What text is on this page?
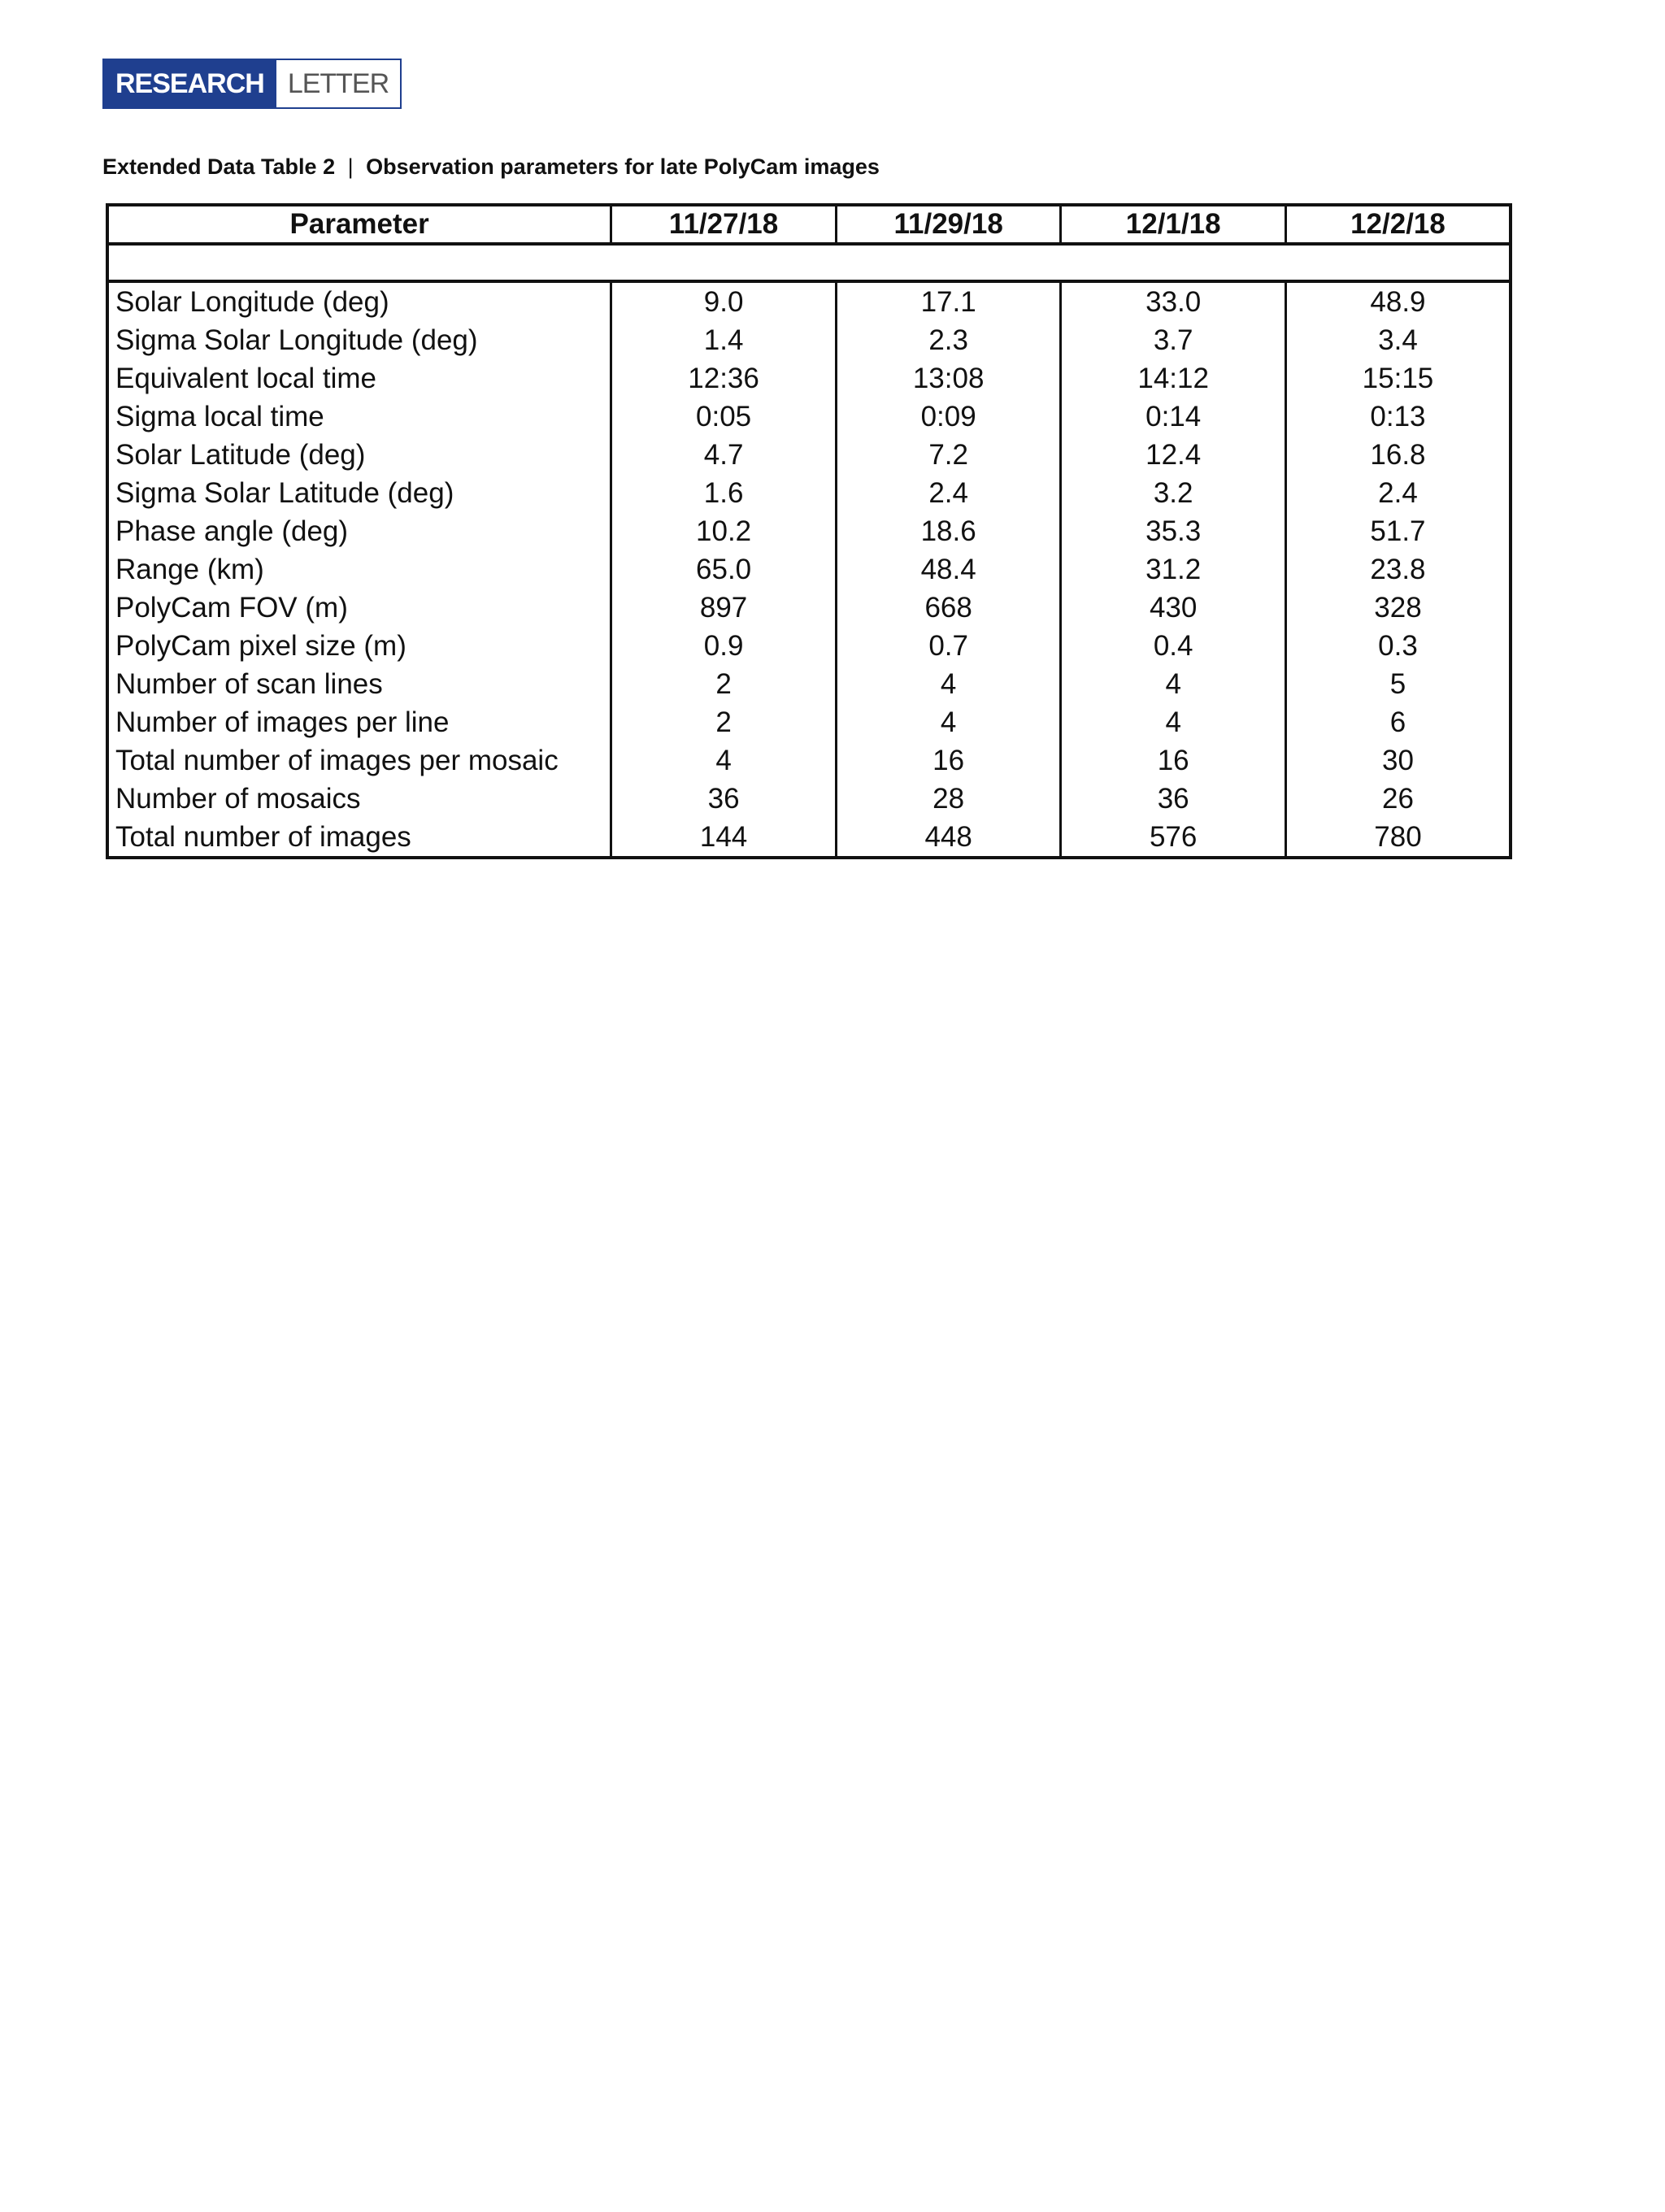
RESEARCH LETTER
Extended Data Table 2 | Observation parameters for late PolyCam images
Parameter	11/27/18	11/29/18	12/1/18	12/2/18

Solar Longitude (deg)	9.0	17.1	33.0	48.9
Sigma Solar Longitude (deg)	1.4	2.3	3.7	3.4
Equivalent local time	12:36	13:08	14:12	15:15
Sigma local time	0:05	0:09	0:14	0:13
Solar Latitude (deg)	4.7	7.2	12.4	16.8
Sigma Solar Latitude (deg)	1.6	2.4	3.2	2.4
Phase angle (deg)	10.2	18.6	35.3	51.7
Range (km)	65.0	48.4	31.2	23.8
PolyCam FOV (m)	897	668	430	328
PolyCam pixel size (m)	0.9	0.7	0.4	0.3
Number of scan lines	2	4	4	5
Number of images per line	2	4	4	6
Total number of images per mosaic	4	16	16	30
Number of mosaics	36	28	36	26
Total number of images	144	448	576	780
